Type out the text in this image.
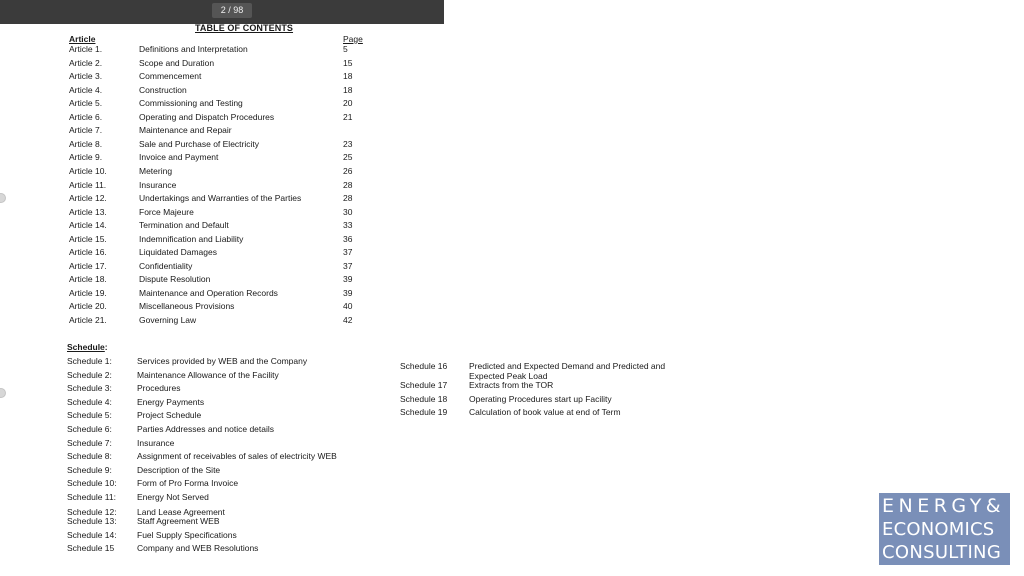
2 / 98
TABLE OF CONTENTS
Article	Page
Article 1.	Definitions and Interpretation	5
Article 2.	Scope and Duration	15
Article 3.	Commencement	18
Article 4.	Construction	18
Article 5.	Commissioning and Testing	20
Article 6.	Operating and Dispatch Procedures	21
Article 7.	Maintenance and Repair
Article 8.	Sale and Purchase of Electricity	23
Article 9.	Invoice and Payment	25
Article 10.	Metering	26
Article 11.	Insurance	28
Article 12.	Undertakings and Warranties of the Parties	28
Article 13.	Force Majeure	30
Article 14.	Termination and Default	33
Article 15.	Indemnification and Liability	36
Article 16.	Liquidated Damages	37
Article 17.	Confidentiality	37
Article 18.	Dispute Resolution	39
Article 19.	Maintenance and Operation Records	39
Article 20.	Miscellaneous Provisions	40
Article 21.	Governing Law	42
Schedule:
Schedule 1:	Services provided by WEB and the Company
Schedule 2:	Maintenance Allowance of the Facility
Schedule 3:	Procedures
Schedule 4:	Energy Payments
Schedule 5:	Project Schedule
Schedule 6:	Parties Addresses and notice details
Schedule 7:	Insurance
Schedule 8:	Assignment of receivables of sales of electricity WEB
Schedule 9:	Description of the Site
Schedule 10: Form of Pro Forma Invoice
Schedule 11: Energy Not Served
Schedule 12: Land Lease Agreement
Schedule 13: Staff Agreement WEB
Schedule 14: Fuel Supply Specifications
Schedule 15	Company and WEB Resolutions
Schedule 16	Predicted and Expected Demand and Predicted and
Expected Peak Load
Schedule 17	Extracts from the TOR
Schedule 18	Operating Procedures start up Facility
Schedule 19	Calculation of book value at end of Term
ENERGY&
ECONOMICS
CONSULTING
